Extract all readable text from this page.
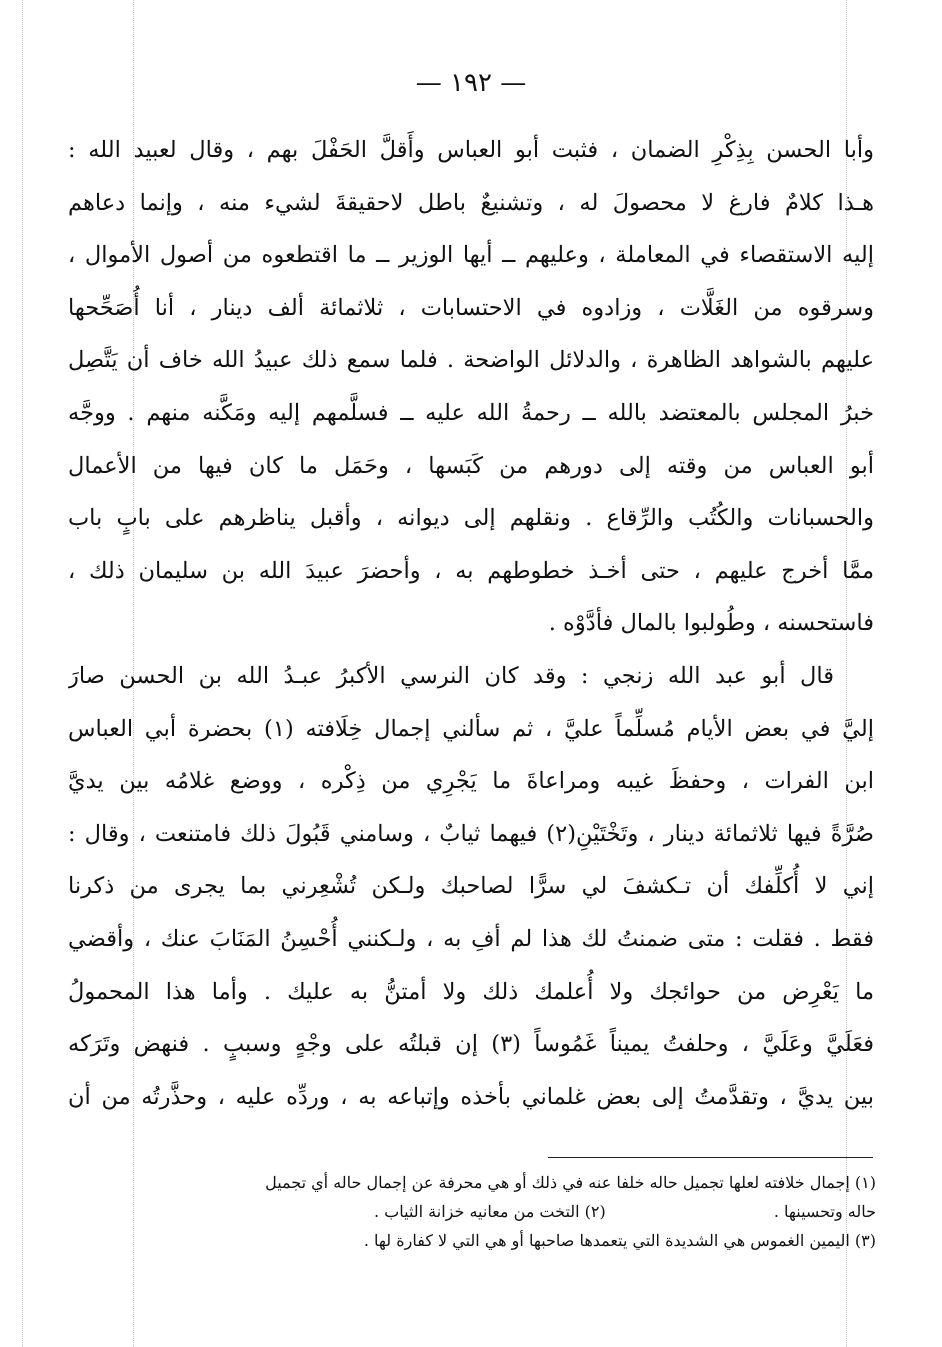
— ١٩٢ —
وأبا الحسن بِذِكْرِ الضمان ، فثبت أبو العباس وأَقلَّ الحَفْلَ بهم ، وقال لعبيد الله :
هـذا كلامٌ فارغ لا محصولَ له ، وتشنيعٌ باطل لاحقيقةَ لشيء منه ، وإنما دعاهم
إليه الاستقصاء في المعاملة ، وعليهم ــ أيها الوزير ــ ما اقتطعوه من أصول الأموال ،
وسرقوه من الغَلَّات ، وزادوه في الاحتسابات ، ثلاثمائة ألف دينار ، أنا أُصَحِّحها
عليهم بالشواهد الظاهرة ، والدلائل الواضحة . فلما سمع ذلك عبيدُ الله خاف أن يَتَّصِل
خبرُ المجلس بالمعتضد بالله ــ رحمةُ الله عليه ــ فسلَّمهم إليه ومَكَّنه منهم . ووجَّه
أبو العباس من وقته إلى دورهم من كَبَسها ، وحَمَل ما كان فيها من الأعمال
والحسبانات والكُتُب والرِّقاع . ونقلهم إلى ديوانه ، وأقبل يناظرهم على بابٍ باب
ممَّا أخرج عليهم ، حتى أخـذ خطوطهم به ، وأحضرَ عبيدَ الله بن سليمان ذلك ،
فاستحسنه ، وطُولبوا بالمال فأدَّوْه .
قال أبو عبد الله زنجي : وقد كان النرسي الأكبرُ عبـدُ الله بن الحسن صارَ
إليَّ في بعض الأيام مُسلِّماً عليَّ ، ثم سألني إجمال خِلَافته (١) بحضرة أبي العباس
ابن الفرات ، وحفظَ غيبه ومراعاةَ ما يَجْرِي من ذِكْره ، ووضع غلامُه بين يديَّ
صُرَّةً فيها ثلاثمائة دينار ، وتَخْتَيْنِ(٢) فيهما ثيابٌ ، وسامني قَبُولَ ذلك فامتنعت ، وقال :
إني لا أُكلِّفك أن تـكشفَ لي سرًّا لصاحبك ولـكن تُشْعِرني بما يجرى من ذكرنا
فقط . فقلت : متى ضمنتُ لك هذا لم أفِ به ، ولـكنني أُحْسِنُ المَنَابَ عنك ، وأقضي
ما يَعْرِض من حوائجك ولا أُعلمك ذلك ولا أمتنُّ به عليك . وأما هذا المحمولُ
فعَلَيَّ وعَلَيَّ ، وحلفتُ يميناً غَمُوساً (٣) إن قبلتُه على وجْهٍ وسببٍ . فنهض وتَرَكه
بين يديَّ ، وتقدَّمتُ إلى بعض غلماني بأخذه وإتباعه به ، وردِّه عليه ، وحذَّرتُه من أن
(١) إجمال خلافته لعلها تجميل حاله خلفا عنه في ذلك أو هي محرفة عن إجمال حاله أي تجميل
حاله وتحسينها .
(٢) التخت من معانيه خزانة الثياب .
(٣) اليمين الغموس هي الشديدة التي يتعمدها صاحبها أو هي التي لا كفارة لها .
